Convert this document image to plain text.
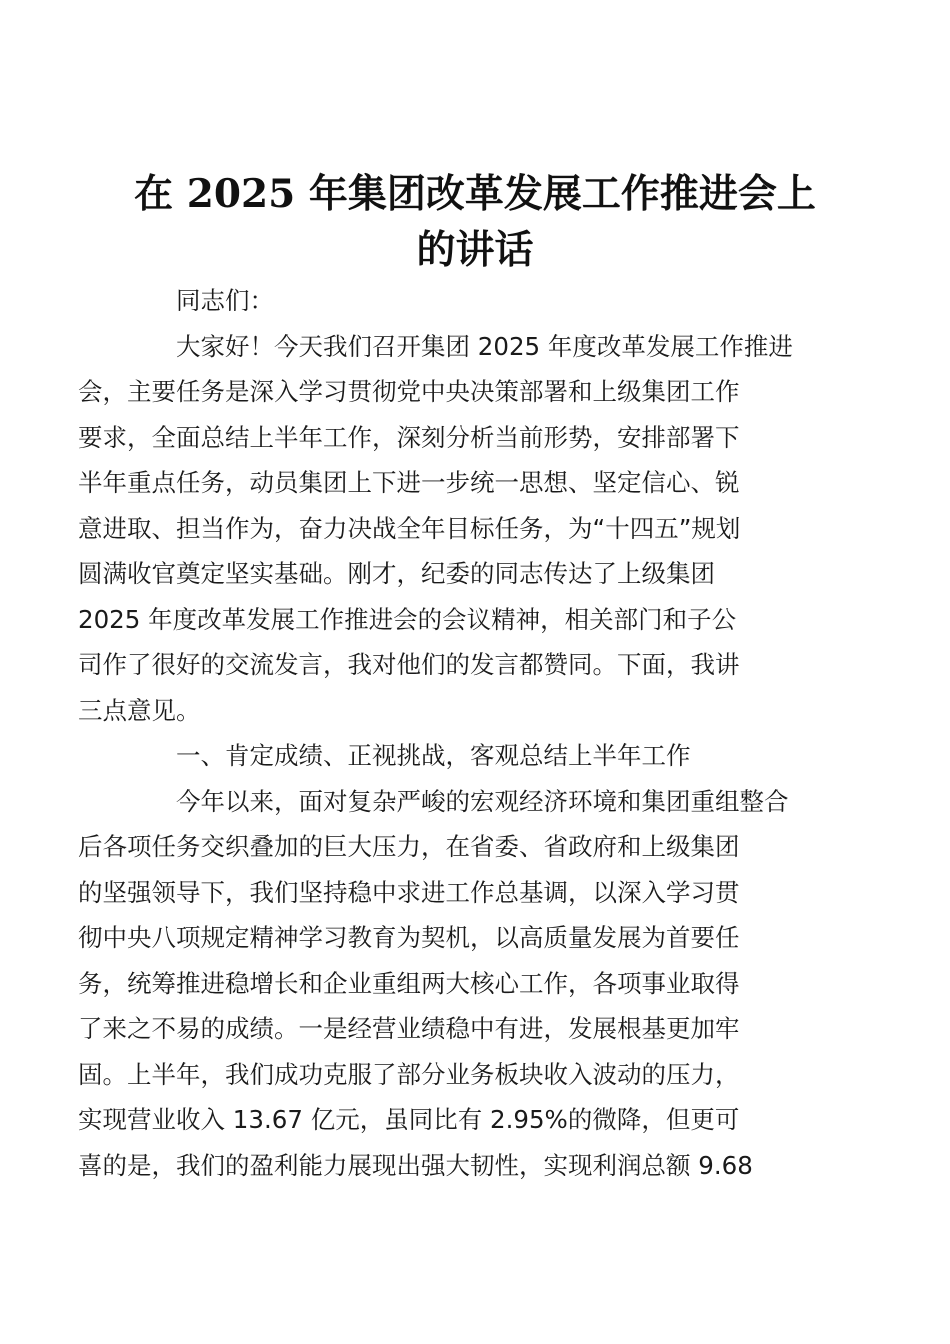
在 2025 年集团改革发展工作推进会上
的讲话

同志们：

大家好！今天我们召开集团 2025 年度改革发展工作推进
会，主要任务是深入学习贯彻党中央决策部署和上级集团工作
要求，全面总结上半年工作，深刻分析当前形势，安排部署下
半年重点任务，动员集团上下进一步统一思想、坚定信心、锐
意进取、担当作为，奋力决战全年目标任务，为“十四五”规划
圆满收官奠定坚实基础。刚才，纪委的同志传达了上级集团
2025 年度改革发展工作推进会的会议精神，相关部门和子公
司作了很好的交流发言，我对他们的发言都赞同。下面，我讲
三点意见。

一、肯定成绩、正视挑战，客观总结上半年工作

今年以来，面对复杂严峻的宏观经济环境和集团重组整合
后各项任务交织叠加的巨大压力，在省委、省政府和上级集团
的坚强领导下，我们坚持稳中求进工作总基调，以深入学习贯
彻中央八项规定精神学习教育为契机，以高质量发展为首要任
务，统筹推进稳增长和企业重组两大核心工作，各项事业取得
了来之不易的成绩。一是经营业绩稳中有进，发展根基更加牢
固。上半年，我们成功克服了部分业务板块收入波动的压力，
实现营业收入 13.67 亿元，虽同比有 2.95%的微降，但更可
喜的是，我们的盈利能力展现出强大韧性，实现利润总额 9.68
